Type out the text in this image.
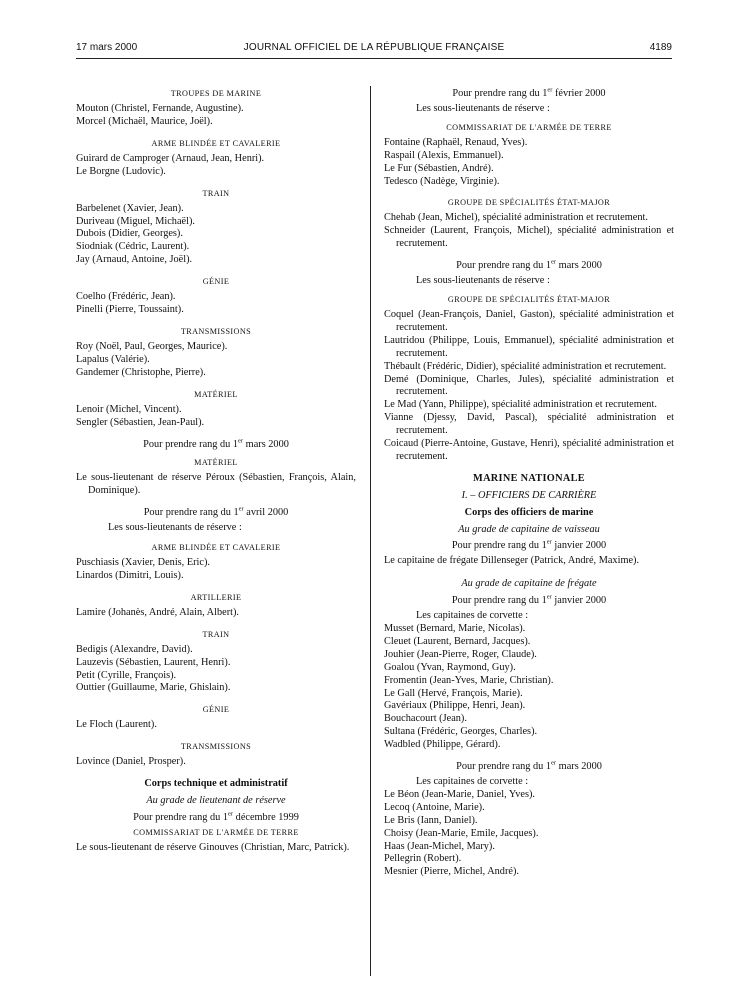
17 mars 2000	JOURNAL OFFICIEL DE LA RÉPUBLIQUE FRANÇAISE	4189
TROUPES DE MARINE
Mouton (Christel, Fernande, Augustine).
Morcel (Michaël, Maurice, Joël).
ARME BLINDÉE ET CAVALERIE
Guirard de Camproger (Arnaud, Jean, Henri).
Le Borgne (Ludovic).
TRAIN
Barbelenet (Xavier, Jean).
Duriveau (Miguel, Michaël).
Dubois (Didier, Georges).
Siodniak (Cédric, Laurent).
Jay (Arnaud, Antoine, Joël).
GÉNIE
Coelho (Frédéric, Jean).
Pinelli (Pierre, Toussaint).
TRANSMISSIONS
Roy (Noël, Paul, Georges, Maurice).
Lapalus (Valérie).
Gandemer (Christophe, Pierre).
MATÉRIEL
Lenoir (Michel, Vincent).
Sengler (Sébastien, Jean-Paul).
Pour prendre rang du 1er mars 2000
MATÉRIEL
Le sous-lieutenant de réserve Péroux (Sébastien, François, Alain, Dominique).
Pour prendre rang du 1er avril 2000
Les sous-lieutenants de réserve :
ARME BLINDÉE ET CAVALERIE
Puschiasis (Xavier, Denis, Eric).
Linardos (Dimitri, Louis).
ARTILLERIE
Lamire (Johanès, André, Alain, Albert).
TRAIN
Bedigis (Alexandre, David).
Lauzevis (Sébastien, Laurent, Henri).
Petit (Cyrille, François).
Outtier (Guillaume, Marie, Ghislain).
GÉNIE
Le Floch (Laurent).
TRANSMISSIONS
Lovince (Daniel, Prosper).
Corps technique et administratif
Au grade de lieutenant de réserve
Pour prendre rang du 1er décembre 1999
COMMISSARIAT DE L'ARMÉE DE TERRE
Le sous-lieutenant de réserve Ginouves (Christian, Marc, Patrick).
Pour prendre rang du 1er février 2000
Les sous-lieutenants de réserve :
COMMISSARIAT DE L'ARMÉE DE TERRE
Fontaine (Raphaël, Renaud, Yves).
Raspail (Alexis, Emmanuel).
Le Fur (Sébastien, André).
Tedesco (Nadège, Virginie).
GROUPE DE SPÉCIALITÉS ÉTAT-MAJOR
Chehab (Jean, Michel), spécialité administration et recrutement.
Schneider (Laurent, François, Michel), spécialité administration et recrutement.
Pour prendre rang du 1er mars 2000
Les sous-lieutenants de réserve :
GROUPE DE SPÉCIALITÉS ÉTAT-MAJOR
Coquel (Jean-François, Daniel, Gaston), spécialité administration et recrutement.
Lautridou (Philippe, Louis, Emmanuel), spécialité administration et recrutement.
Thébault (Frédéric, Didier), spécialité administration et recrutement.
Demé (Dominique, Charles, Jules), spécialité administration et recrutement.
Le Mad (Yann, Philippe), spécialité administration et recrutement.
Vianne (Djessy, David, Pascal), spécialité administration et recrutement.
Coicaud (Pierre-Antoine, Gustave, Henri), spécialité administration et recrutement.
MARINE NATIONALE
I. – OFFICIERS DE CARRIÈRE
Corps des officiers de marine
Au grade de capitaine de vaisseau
Pour prendre rang du 1er janvier 2000
Le capitaine de frégate Dillenseger (Patrick, André, Maxime).
Au grade de capitaine de frégate
Pour prendre rang du 1er janvier 2000
Les capitaines de corvette :
Musset (Bernard, Marie, Nicolas).
Cleuet (Laurent, Bernard, Jacques).
Jouhier (Jean-Pierre, Roger, Claude).
Goalou (Yvan, Raymond, Guy).
Fromentin (Jean-Yves, Marie, Christian).
Le Gall (Hervé, François, Marie).
Gavériaux (Philippe, Henri, Jean).
Bouchacourt (Jean).
Sultana (Frédéric, Georges, Charles).
Wadbled (Philippe, Gérard).
Pour prendre rang du 1er mars 2000
Les capitaines de corvette :
Le Béon (Jean-Marie, Daniel, Yves).
Lecoq (Antoine, Marie).
Le Bris (Iann, Daniel).
Choisy (Jean-Marie, Emile, Jacques).
Haas (Jean-Michel, Mary).
Pellegrin (Robert).
Mesnier (Pierre, Michel, André).
